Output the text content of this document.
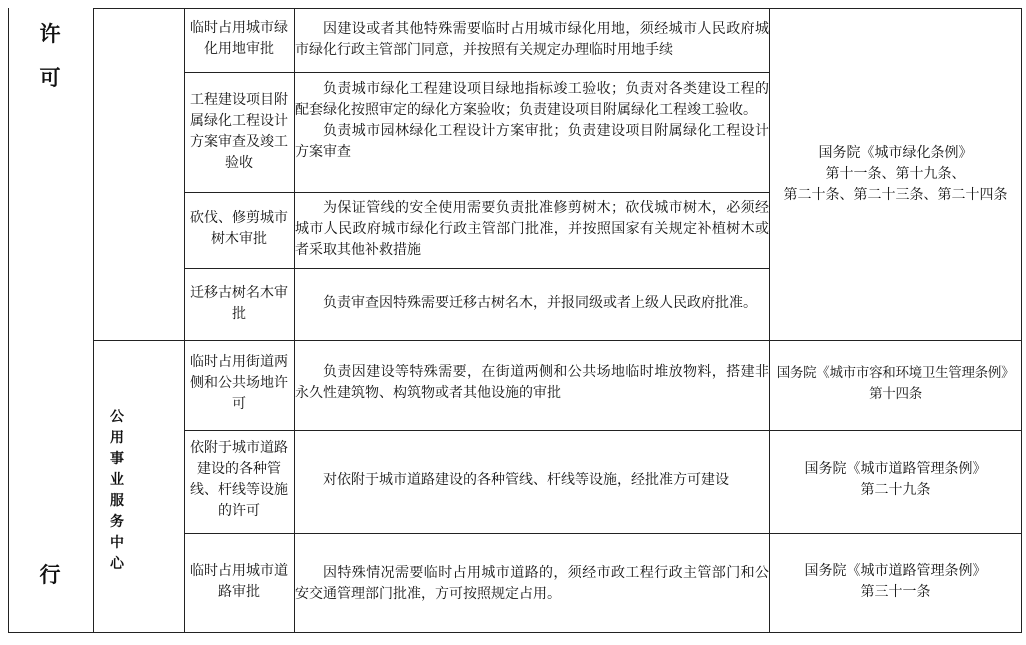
许
可
行
公
用
事
业
服
务
中
心
临时占用城市绿化用地审批
工程建设项目附属绿化工程设计方案审查及竣工验收
砍伐、修剪城市树木审批
迁移古树名木审批
临时占用街道两侧和公共场地许可
依附于城市道路建设的各种管线、杆线等设施的许可
临时占用城市道路审批

因建设或者其他特殊需要临时占用城市绿化用地，须经城市人民政府城市绿化行政主管部门同意，并按照有关规定办理临时用地手续

负责城市绿化工程建设项目绿地指标竣工验收；负责对各类建设工程的配套绿化按照审定的绿化方案验收；负责建设项目附属绿化工程竣工验收。

负责城市园林绿化工程设计方案审批；负责建设项目附属绿化工程设计方案审查

为保证管线的安全使用需要负责批准修剪树木；砍伐城市树木，必须经城市人民政府城市绿化行政主管部门批准，并按照国家有关规定补植树木或者采取其他补救措施

负责审查因特殊需要迁移古树名木，并报同级或者上级人民政府批准。

负责因建设等特殊需要，在街道两侧和公共场地临时堆放物料，搭建非永久性建筑物、构筑物或者其他设施的审批

对依附于城市道路建设的各种管线、杆线等设施，经批准方可建设

因特殊情况需要临时占用城市道路的，须经市政工程行政主管部门和公安交通管理部门批准，方可按照规定占用。

国务院《城市绿化条例》
第十一条、第十九条、
第二十条、第二十三条、第二十四条
国务院《城市市容和环境卫生管理条例》
第十四条
国务院《城市道路管理条例》
第二十九条
国务院《城市道路管理条例》
第三十一条
